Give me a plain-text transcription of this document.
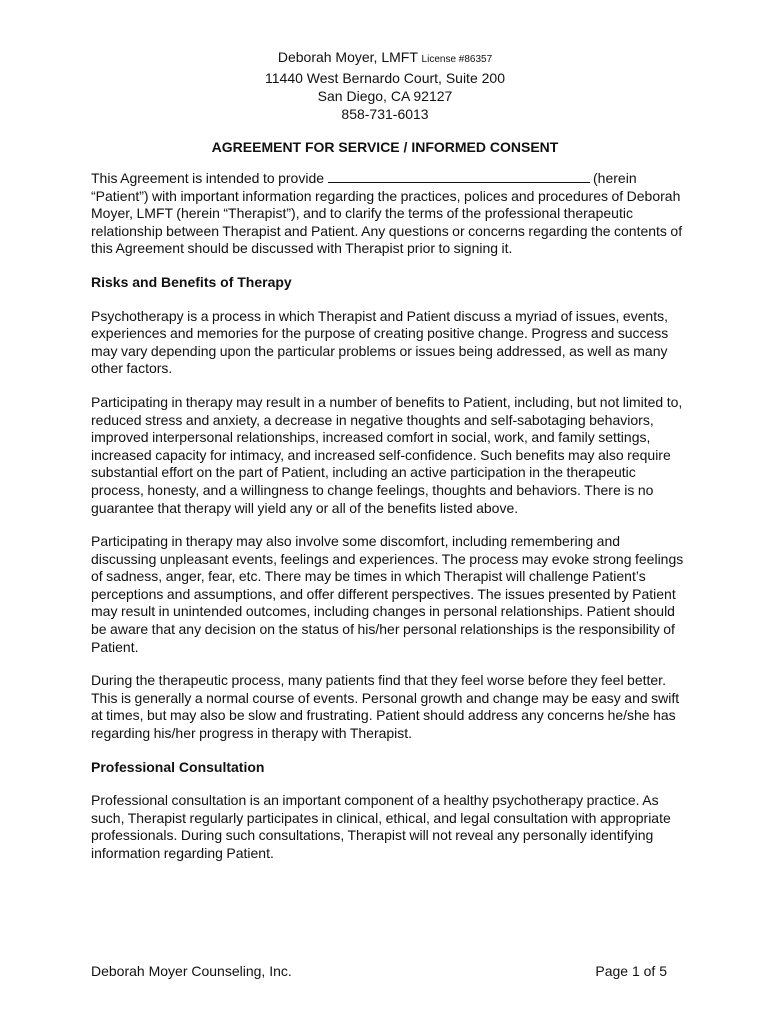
Deborah Moyer, LMFT License #86357
11440 West Bernardo Court, Suite 200
San Diego, CA 92127
858-731-6013
AGREEMENT FOR SERVICE / INFORMED CONSENT

This Agreement is intended to provide	(herein “Patient”) with important information regarding the practices, polices and procedures of Deborah Moyer, LMFT (herein “Therapist”), and to clarify the terms of the professional therapeutic relationship between Therapist and Patient. Any questions or concerns regarding the contents of this Agreement should be discussed with Therapist prior to signing it.

Risks and Benefits of Therapy

Psychotherapy is a process in which Therapist and Patient discuss a myriad of issues, events, experiences and memories for the purpose of creating positive change. Progress and success may vary depending upon the particular problems or issues being addressed, as well as many other factors.

Participating in therapy may result in a number of benefits to Patient, including, but not limited to, reduced stress and anxiety, a decrease in negative thoughts and self-sabotaging behaviors, improved interpersonal relationships, increased comfort in social, work, and family settings, increased capacity for intimacy, and increased self-confidence. Such benefits may also require substantial effort on the part of Patient, including an active participation in the therapeutic process, honesty, and a willingness to change feelings, thoughts and behaviors. There is no guarantee that therapy will yield any or all of the benefits listed above.

Participating in therapy may also involve some discomfort, including remembering and discussing unpleasant events, feelings and experiences. The process may evoke strong feelings of sadness, anger, fear, etc. There may be times in which Therapist will challenge Patient’s perceptions and assumptions, and offer different perspectives. The issues presented by Patient may result in unintended outcomes, including changes in personal relationships. Patient should be aware that any decision on the status of his/her personal relationships is the responsibility of Patient.

During the therapeutic process, many patients find that they feel worse before they feel better. This is generally a normal course of events. Personal growth and change may be easy and swift at times, but may also be slow and frustrating. Patient should address any concerns he/she has regarding his/her progress in therapy with Therapist.

Professional Consultation

Professional consultation is an important component of a healthy psychotherapy practice. As such, Therapist regularly participates in clinical, ethical, and legal consultation with appropriate professionals. During such consultations, Therapist will not reveal any personally identifying information regarding Patient.

Deborah Moyer Counseling, Inc.	Page 1 of 5
